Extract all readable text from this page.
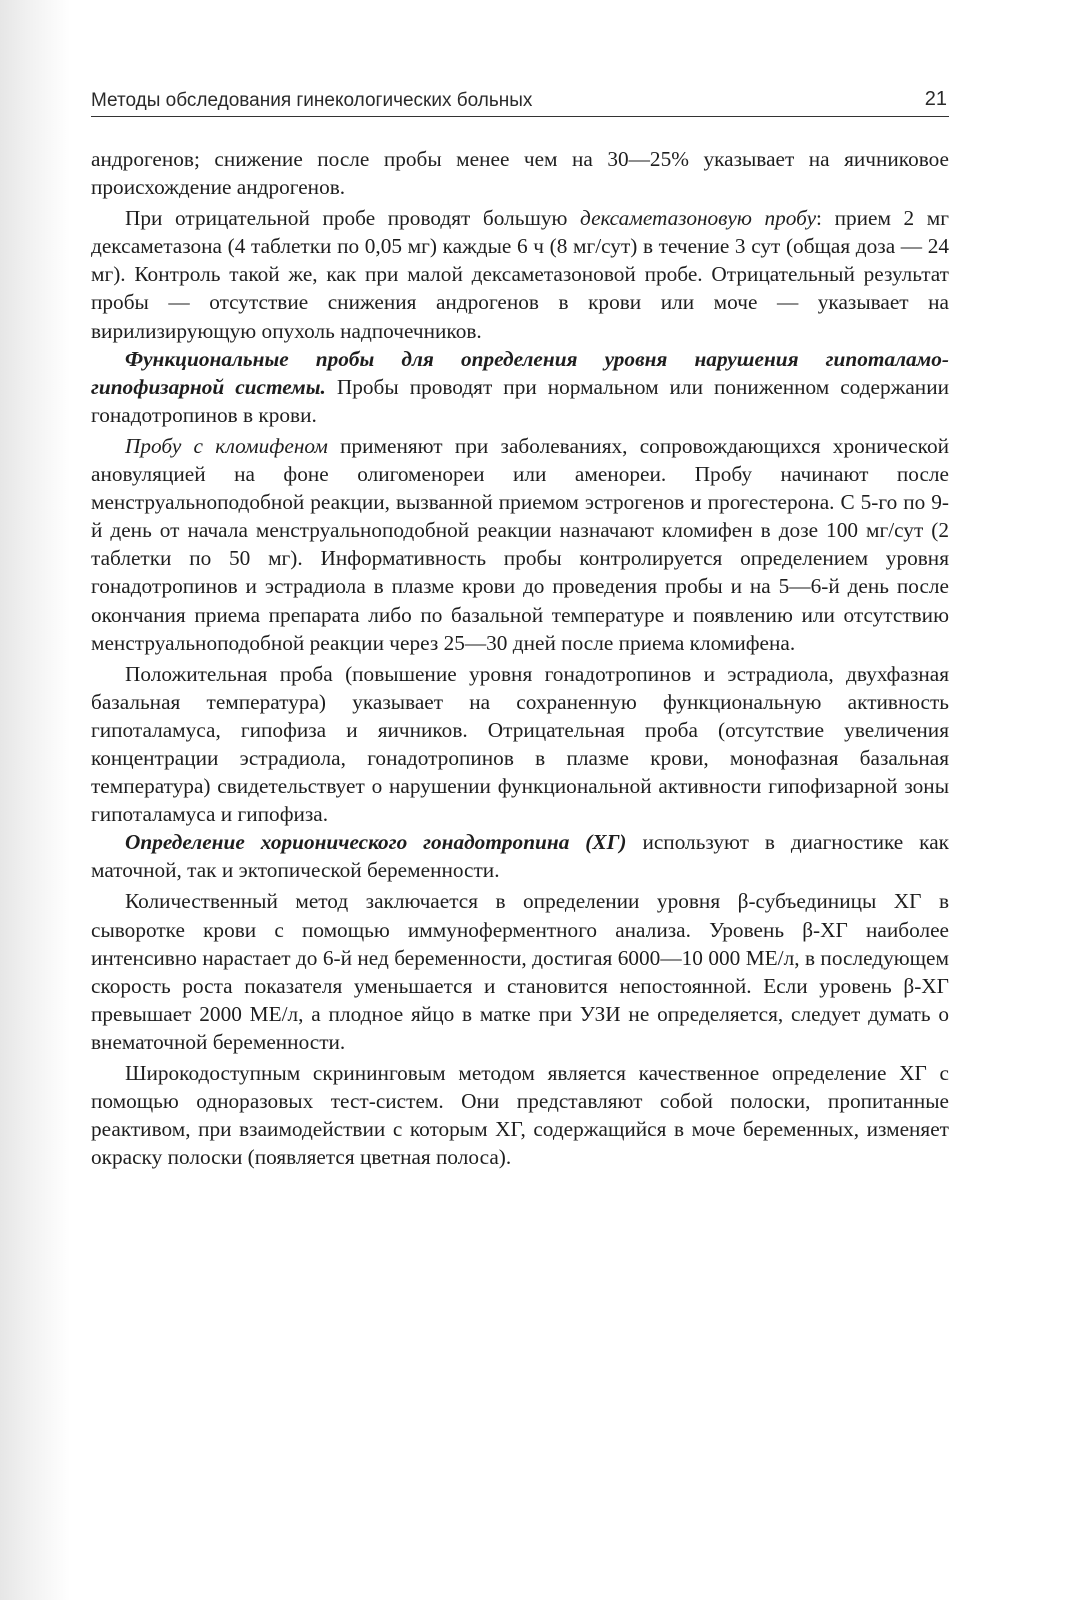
Методы обследования гинекологических больных	21

андрогенов; снижение после пробы менее чем на 30—25% указывает на яичниковое происхождение андрогенов.

При отрицательной пробе проводят большую дексаметазоновую пробу: прием 2 мг дексаметазона (4 таблетки по 0,05 мг) каждые 6 ч (8 мг/сут) в течение 3 сут (общая доза — 24 мг). Контроль такой же, как при малой дексаметазоновой пробе. Отрицательный результат пробы — отсутствие снижения андрогенов в крови или моче — указывает на вирилизирующую опухоль надпочечников.

Функциональные пробы для определения уровня нарушения гипоталамо-гипофизарной системы. Пробы проводят при нормальном или пониженном содержании гонадотропинов в крови.

Пробу с кломифеном применяют при заболеваниях, сопровождающихся хронической ановуляцией на фоне олигоменореи или аменореи. Пробу начинают после менструальноподобной реакции, вызванной приемом эстрогенов и прогестерона. С 5-го по 9-й день от начала менструальноподобной реакции назначают кломифен в дозе 100 мг/сут (2 таблетки по 50 мг). Информативность пробы контролируется определением уровня гонадотропинов и эстрадиола в плазме крови до проведения пробы и на 5—6-й день после окончания приема препарата либо по базальной температуре и появлению или отсутствию менструальноподобной реакции через 25—30 дней после приема кломифена.

Положительная проба (повышение уровня гонадотропинов и эстрадиола, двухфазная базальная температура) указывает на сохраненную функциональную активность гипоталамуса, гипофиза и яичников. Отрицательная проба (отсутствие увеличения концентрации эстрадиола, гонадотропинов в плазме крови, монофазная базальная температура) свидетельствует о нарушении функциональной активности гипофизарной зоны гипоталамуса и гипофиза.

Определение хорионического гонадотропина (ХГ) используют в диагностике как маточной, так и эктопической беременности.

Количественный метод заключается в определении уровня β-субъединицы ХГ в сыворотке крови с помощью иммуноферментного анализа. Уровень β-ХГ наиболее интенсивно нарастает до 6-й нед беременности, достигая 6000—10 000 МЕ/л, в последующем скорость роста показателя уменьшается и становится непостоянной. Если уровень β-ХГ превышает 2000 МЕ/л, а плодное яйцо в матке при УЗИ не определяется, следует думать о внематочной беременности.

Широкодоступным скрининговым методом является качественное определение ХГ с помощью одноразовых тест-систем. Они представляют собой полоски, пропитанные реактивом, при взаимодействии с которым ХГ, содержащийся в моче беременных, изменяет окраску полоски (появляется цветная полоса).
